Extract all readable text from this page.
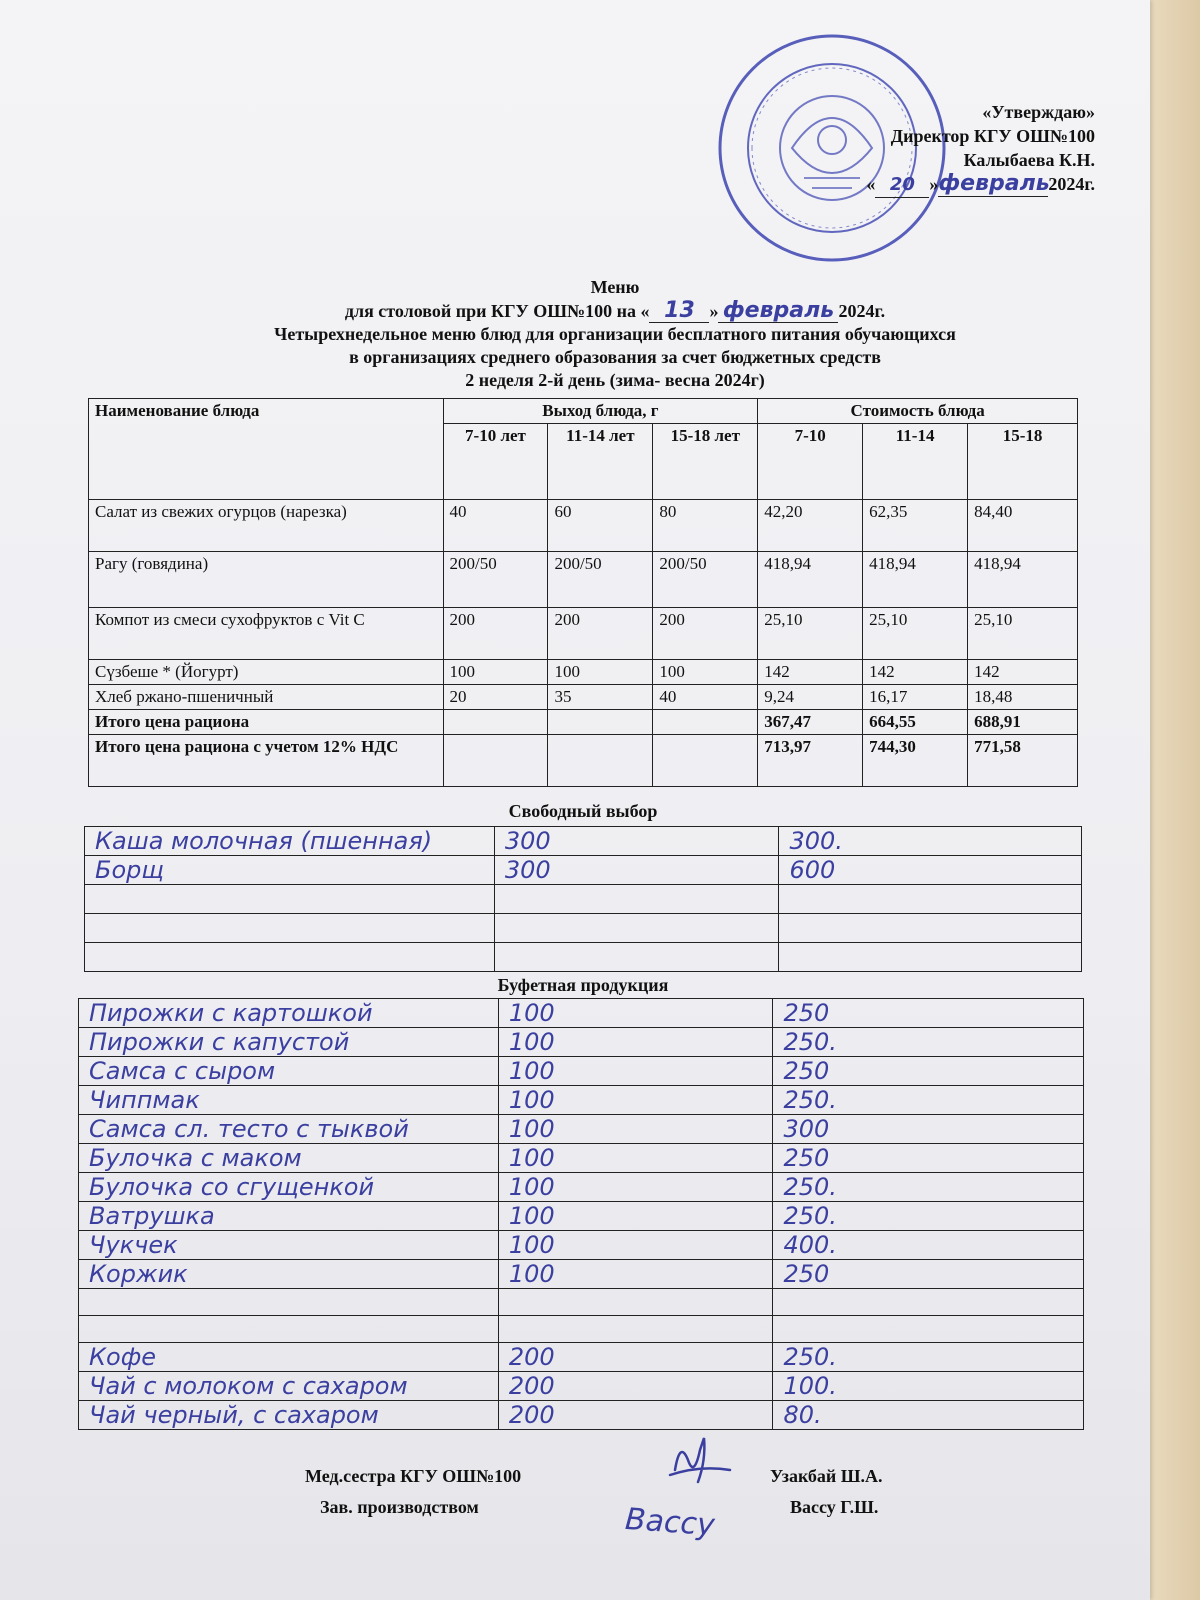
«Утверждаю»
Директор КГУ ОШ№100
Калыбаева К.Н.
« 20 »февраль2024г.
Меню
для столовой при КГУ ОШ№100 на « 13 » февраль 2024г.
Четырехнедельное меню блюд для организации бесплатного питания обучающихся
в организациях среднего образования за счет бюджетных средств
2 неделя 2-й день (зима- весна 2024г)
Наименование блюда	Выход блюда, г			Стоимость блюда		
	7-10 лет	11-14 лет	15-18 лет	7-10	11-14	15-18
Салат из свежих огурцов (нарезка)	40	60	80	42,20	62,35	84,40
Рагу (говядина)	200/50	200/50	200/50	418,94	418,94	418,94
Компот из смеси сухофруктов с Vit C	200	200	200	25,10	25,10	25,10
Сүзбеше * (Йогурт)	100	100	100	142	142	142
Хлеб ржано-пшеничный	20	35	40	9,24	16,17	18,48
Итого цена рациона				367,47	664,55	688,91
Итого цена рациона с учетом 12% НДС				713,97	744,30	771,58
Свободный выбор
Каша молочная (пшенная)	300	300.
Борщ	300	600

Буфетная продукция
Пирожки с картошкой	100	250
Пирожки с капустой	100	250.
Самса с сыром	100	250
Чиппмак	100	250.
Самса сл. тесто с тыквой	100	300
Булочка с маком	100	250
Булочка со сгущенкой	100	250.
Ватрушка	100	250.
Чукчек	100	400.
Коржик	100	250

Кофе	200	250.
Чай с молоком с сахаром	200	100.
Чай черный, с сахаром	200	80.
Мед.сестра КГУ ОШ№100	Узакбай Ш.А.
Зав. производством	Вассу Г.Ш.
Вассу
